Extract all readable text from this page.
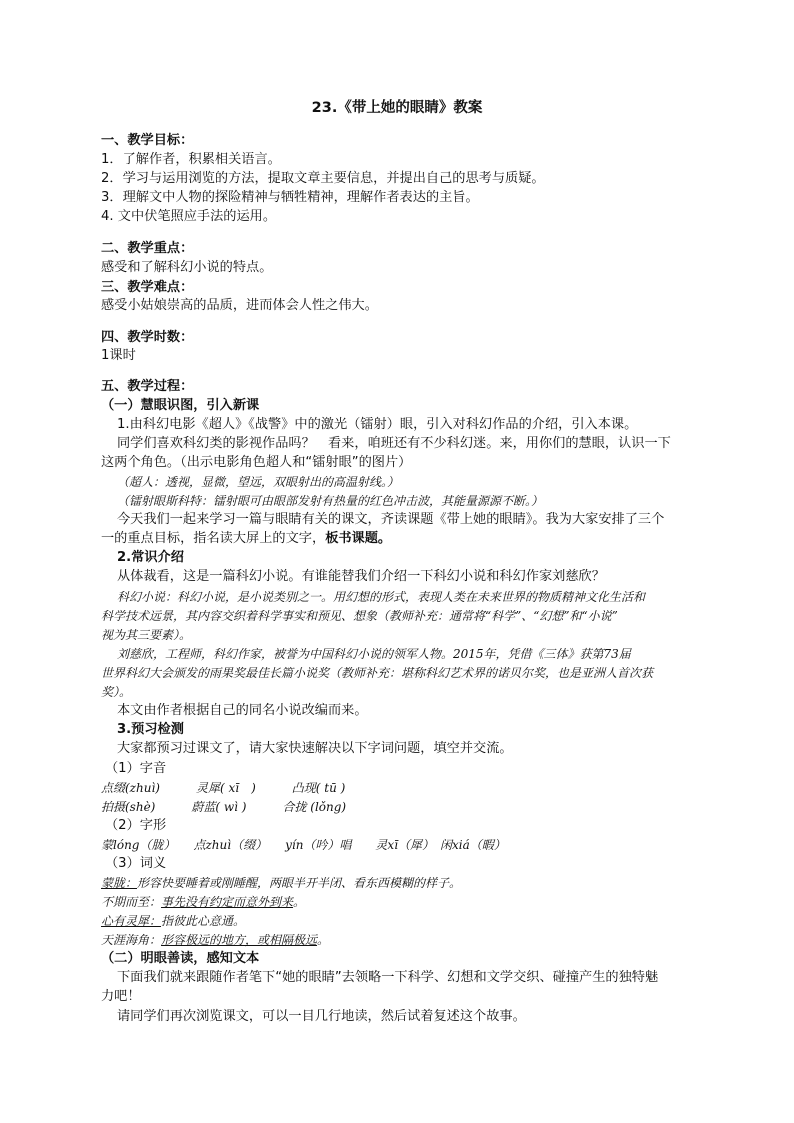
23.《带上她的眼睛》教案
一、教学目标：
1．了解作者，积累相关语言。
2．学习与运用浏览的方法，提取文章主要信息，并提出自己的思考与质疑。
3．理解文中人物的探险精神与牺牲精神，理解作者表达的主旨。
4. 文中伏笔照应手法的运用。
二、教学重点：
感受和了解科幻小说的特点。
三、教学难点：
感受小姑娘崇高的品质，进而体会人性之伟大。
四、教学时数：
1课时
五、教学过程：
（一）慧眼识图，引入新课
1.由科幻电影《超人》《战警》中的激光（镭射）眼，引入对科幻作品的介绍，引入本课。
同学们喜欢科幻类的影视作品吗？　看来，咱班还有不少科幻迷。来，用你们的慧眼，认识一下
这两个角色。（出示电影角色超人和“镭射眼”的图片）
（超人：透视，显微，望远，双眼射出的高温射线。）
（镭射眼斯科特：镭射眼可由眼部发射有热量的红色冲击波，其能量源源不断。）
今天我们一起来学习一篇与眼睛有关的课文，齐读课题《带上她的眼睛》。我为大家安排了三个
一的重点目标，指名读大屏上的文字，板书课题。
2.常识介绍
从体裁看，这是一篇科幻小说。有谁能替我们介绍一下科幻小说和科幻作家刘慈欣？
科幻小说：科幻小说，是小说类别之一。用幻想的形式，表现人类在未来世界的物质精神文化生活和
科学技术远景，其内容交织着科学事实和预见、想象（教师补充：通常将“科学”、“幻想”和“小说”
视为其三要素）。
刘慈欣，工程师，科幻作家，被誉为中国科幻小说的领军人物。2015年，凭借《三体》获第73届
世界科幻大会颁发的雨果奖最佳长篇小说奖（教师补充：堪称科幻艺术界的诺贝尔奖，也是亚洲人首次获
奖）。
本文由作者根据自己的同名小说改编而来。
3.预习检测
大家都预习过课文了，请大家快速解决以下字词问题，填空并交流。
（1）字音
点缀(zhuì)　　　灵犀( xī　)　　　凸现( tū )
拍摄(shè)　　　蔚蓝( wì )　　　合拢 (lǒng)
（2）字形
蒙lóng（胧）　　点zhuì（缀）　　yín（吟）唱　　灵xī（犀）　闲xiá（暇）
（3）词义
蒙胧：形容快要睡着或刚睡醒，两眼半开半闭、看东西模糊的样子。
不期而至：事先没有约定而意外到来。
心有灵犀：指彼此心意通。
天涯海角：形容极远的地方，或相隔极远。
（二）明眼善读，感知文本
下面我们就来跟随作者笔下“她的眼睛”去领略一下科学、幻想和文学交织、碰撞产生的独特魅
力吧！
请同学们再次浏览课文，可以一目几行地读，然后试着复述这个故事。
